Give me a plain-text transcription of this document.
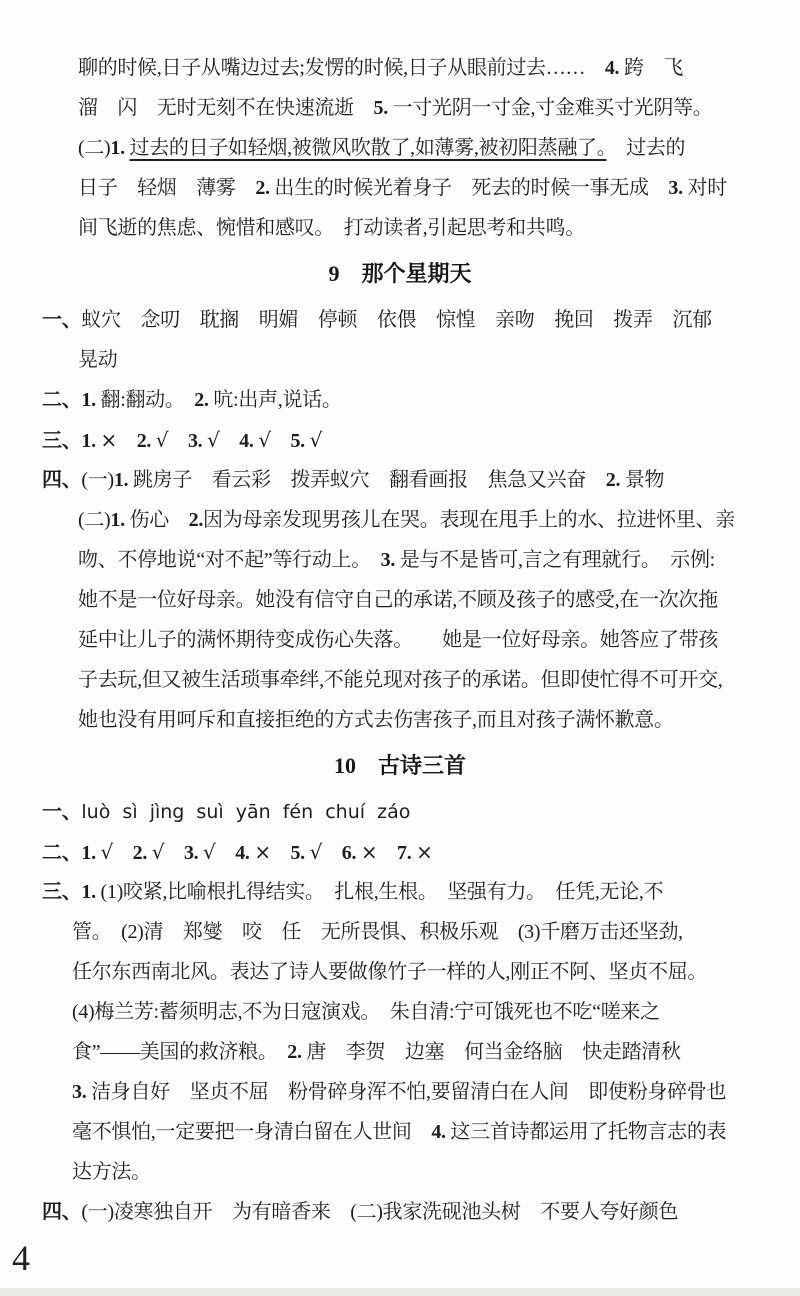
聊的时候,日子从嘴边过去;发愣的时候,日子从眼前过去……　4. 跨　飞
溜　闪　无时无刻不在快速流逝　5. 一寸光阴一寸金,寸金难买寸光阴等。
(二)1. 过去的日子如轻烟,被微风吹散了,如薄雾,被初阳蒸融了。　过去的
日子　轻烟　薄雾　2. 出生的时候光着身子　死去的时候一事无成　3. 对时
间飞逝的焦虑、惋惜和感叹。　打动读者,引起思考和共鸣。
9　那个星期天
一、蚁穴　念叨　耽搁　明媚　停顿　依偎　惊惶　亲吻　挽回　拨弄　沉郁
晃动
二、1. 翻:翻动。　2. 吭:出声,说话。
三、1. ×　2. √　3. √　4. √　5. √
四、(一)1. 跳房子　看云彩　拨弄蚁穴　翻看画报　焦急又兴奋　2. 景物
(二)1. 伤心　2.因为母亲发现男孩儿在哭。表现在甩手上的水、拉进怀里、亲
吻、不停地说“对不起”等行动上。　3. 是与不是皆可,言之有理就行。　示例:
她不是一位好母亲。她没有信守自己的承诺,不顾及孩子的感受,在一次次拖
延中让儿子的满怀期待变成伤心失落。　　她是一位好母亲。她答应了带孩
子去玩,但又被生活琐事牵绊,不能兑现对孩子的承诺。但即使忙得不可开交,
她也没有用呵斥和直接拒绝的方式去伤害孩子,而且对孩子满怀歉意。
10　古诗三首
一、luò  sì  jìng  suì  yān  fén  chuí  záo
二、1. √　2. √　3. √　4. ×　5. √　6. ×　7. ×
三、1. (1)咬紧,比喻根扎得结实。　扎根,生根。　坚强有力。　任凭,无论,不
管。　(2)清　郑燮　咬　任　无所畏惧、积极乐观　(3)千磨万击还坚劲,
任尔东西南北风。表达了诗人要做像竹子一样的人,刚正不阿、坚贞不屈。
(4)梅兰芳:蓄须明志,不为日寇演戏。　朱自清:宁可饿死也不吃“嗟来之
食”——美国的救济粮。　2. 唐　李贺　边塞　何当金络脑　快走踏清秋
3. 洁身自好　坚贞不屈　粉骨碎身浑不怕,要留清白在人间　即使粉身碎骨也
毫不惧怕,一定要把一身清白留在人世间　4. 这三首诗都运用了托物言志的表
达方法。
四、(一)凌寒独自开　为有暗香来　(二)我家洗砚池头树　不要人夸好颜色
4
